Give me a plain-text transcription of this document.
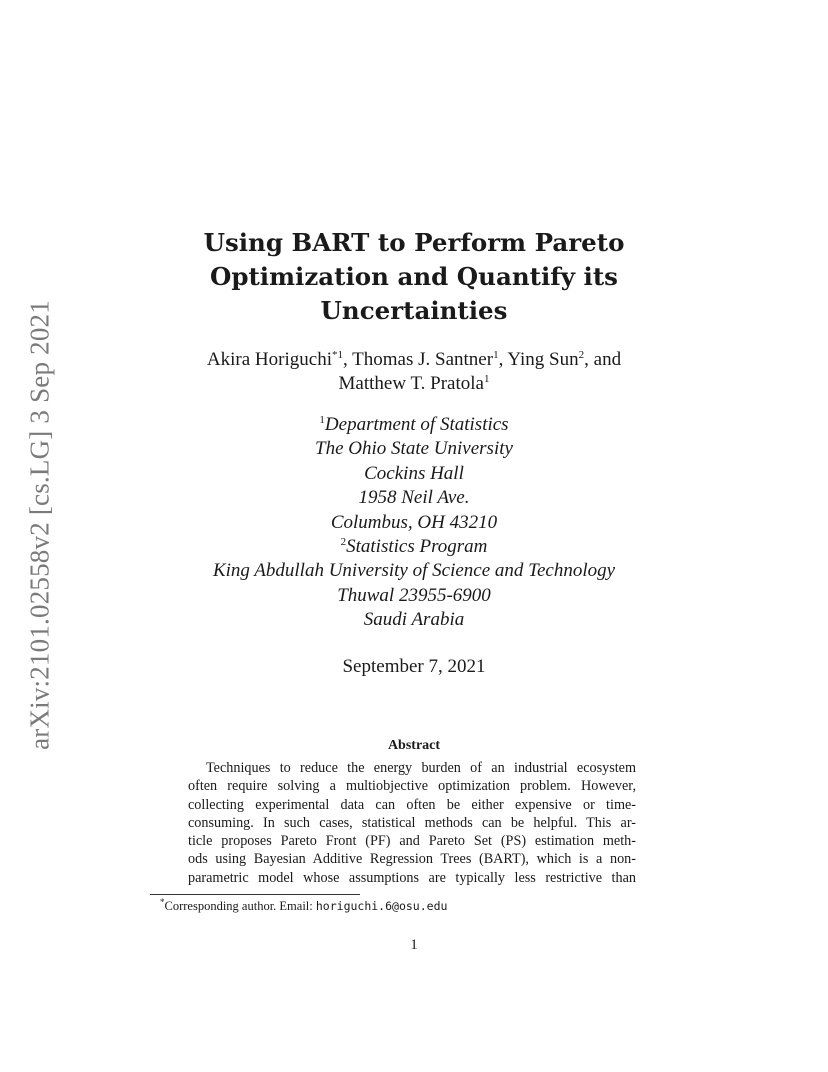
arXiv:2101.02558v2 [cs.LG] 3 Sep 2021
Using BART to Perform Pareto
Optimization and Quantify its
Uncertainties
Akira Horiguchi$^{*1}$, Thomas J. Santner$^1$, Ying Sun$^2$, and
Matthew T. Pratola$^1$
$^1$Department of Statistics
The Ohio State University
Cockins Hall
1958 Neil Ave.
Columbus, OH 43210
$^2$Statistics Program
King Abdullah University of Science and Technology
Thuwal 23955-6900
Saudi Arabia
September 7, 2021
Abstract
Techniques to reduce the energy burden of an industrial ecosystem
often require solving a multiobjective optimization problem. However,
collecting experimental data can often be either expensive or time-
consuming. In such cases, statistical methods can be helpful. This ar-
ticle proposes Pareto Front (PF) and Pareto Set (PS) estimation meth-
ods using Bayesian Additive Regression Trees (BART), which is a non-
parametric model whose assumptions are typically less restrictive than
*Corresponding author. Email: horiguchi.6@osu.edu
1
